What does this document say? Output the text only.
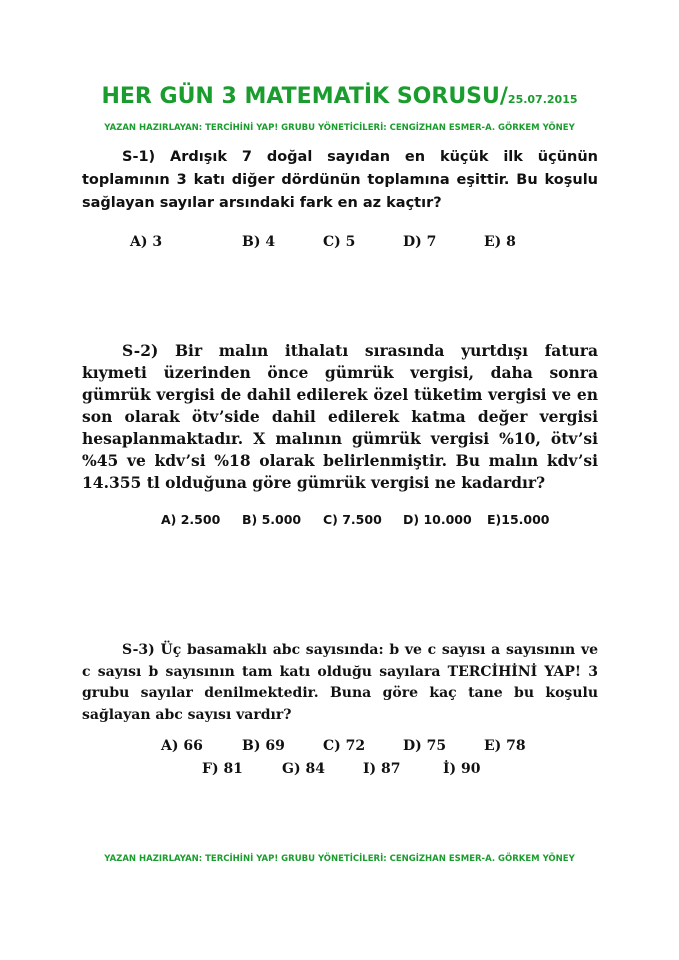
HER GÜN 3 MATEMATİK SORUSU/25.07.2015
YAZAN HAZIRLAYAN: TERCİHİNİ YAP! GRUBU YÖNETİCİLERİ: CENGİZHAN ESMER-A. GÖRKEM YÖNEY
S-1) Ardışık 7 doğal sayıdan en küçük ilk üçünün toplamının 3 katı diğer dördünün toplamına eşittir. Bu koşulu sağlayan sayılar arsındaki fark en az kaçtır?
A) 3	B) 4	C) 5	D) 7	E) 8
S-2) Bir malın ithalatı sırasında yurtdışı fatura kıymeti üzerinden önce gümrük vergisi, daha sonra gümrük vergisi de dahil edilerek özel tüketim vergisi ve en son olarak ötv’side dahil edilerek katma değer vergisi hesaplanmaktadır. X malının gümrük vergisi %10, ötv’si %45 ve kdv’si %18 olarak belirlenmiştir. Bu malın kdv’si 14.355 tl olduğuna göre gümrük vergisi ne kadardır?
A) 2.500 B) 5.000 C) 7.500 D) 10.000 E)15.000
S-3) Üç basamaklı abc sayısında: b ve c sayısı a sayısının ve c sayısı b sayısının tam katı olduğu sayılara TERCİHİNİ YAP! 3 grubu sayılar denilmektedir. Buna göre kaç tane bu koşulu sağlayan abc sayısı vardır?
A) 66	B) 69	C) 72	D) 75	E) 78
F) 81	G) 84	I) 87	İ) 90
YAZAN HAZIRLAYAN: TERCİHİNİ YAP! GRUBU YÖNETİCİLERİ: CENGİZHAN ESMER-A. GÖRKEM YÖNEY
